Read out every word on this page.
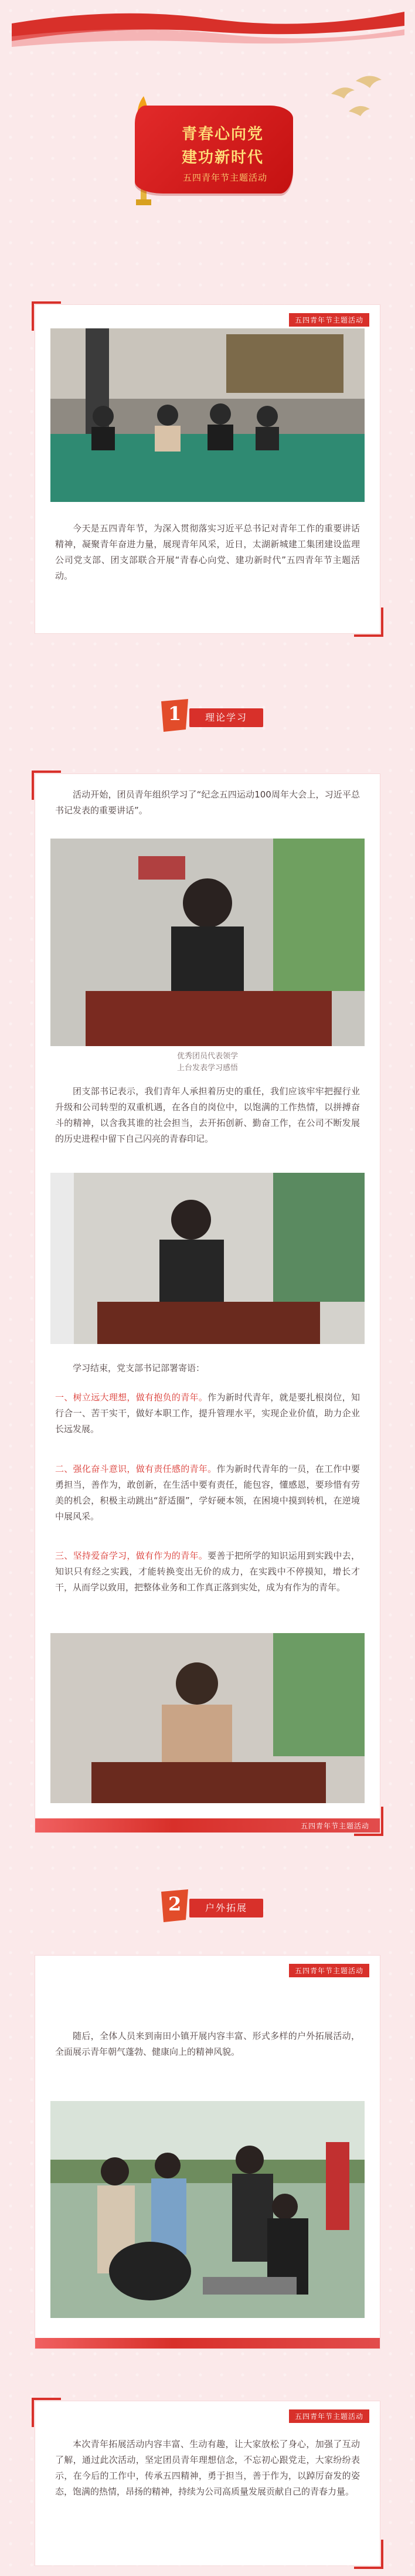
青春心向党
建功新时代
五四青年节主题活动
五四青年节主题活动

今天是五四青年节，为深入贯彻落实习近平总书记对青年工作的重要讲话精神，凝聚青年奋进力量，展现青年风采，近日，太湖新城建工集团建设监理公司党支部、团支部联合开展“青春心向党、建功新时代”五四青年节主题活动。

1	理论学习

活动开始，团员青年组织学习了“纪念五四运动100周年大会上，习近平总书记发表的重要讲话”。

优秀团员代表领学
上台发表学习感悟

团支部书记表示，我们青年人承担着历史的重任，我们应该牢牢把握行业升级和公司转型的双重机遇，在各自的岗位中，以饱满的工作热情，以拼搏奋斗的精神，以含我其谁的社会担当，去开拓创新、勤奋工作，在公司不断发展的历史进程中留下自己闪亮的青春印记。

学习结束，党支部书记部署寄语：

一、树立远大理想，做有抱负的青年。作为新时代青年，就是要扎根岗位，知行合一、苦干实干，做好本职工作，提升管理水平，实现企业价值，助力企业长远发展。

二、强化奋斗意识，做有责任感的青年。作为新时代青年的一员，在工作中要勇担当，善作为，敢创新，在生活中要有责任，能包容，懂感恩，要珍惜有劳美的机会，积极主动跳出“舒适圈”，学好硬本领，在困境中摸到转机，在逆境中展风采。

三、坚持爱奋学习，做有作为的青年。要善于把所学的知识运用到实践中去，知识只有经之实践，才能转换变出无价的成力，在实践中不停摸知，增长才干，从而学以致用，把整体业务和工作真正落到实处，成为有作为的青年。

五四青年节主题活动
2	户外拓展
五四青年节主题活动

随后，全体人员来到南田小镇开展内容丰富、形式多样的户外拓展活动，全面展示青年朝气蓬勃、健康向上的精神风貌。

五四青年节主题活动

本次青年拓展活动内容丰富、生动有趣，让大家放松了身心，加强了互动了解，通过此次活动，坚定团员青年理想信念，不忘初心跟党走，大家纷纷表示，在今后的工作中，传承五四精神，勇于担当，善于作为，以踔厉奋发的姿态，饱满的热情，昂扬的精神，持续为公司高质量发展贡献自己的青春力量。
